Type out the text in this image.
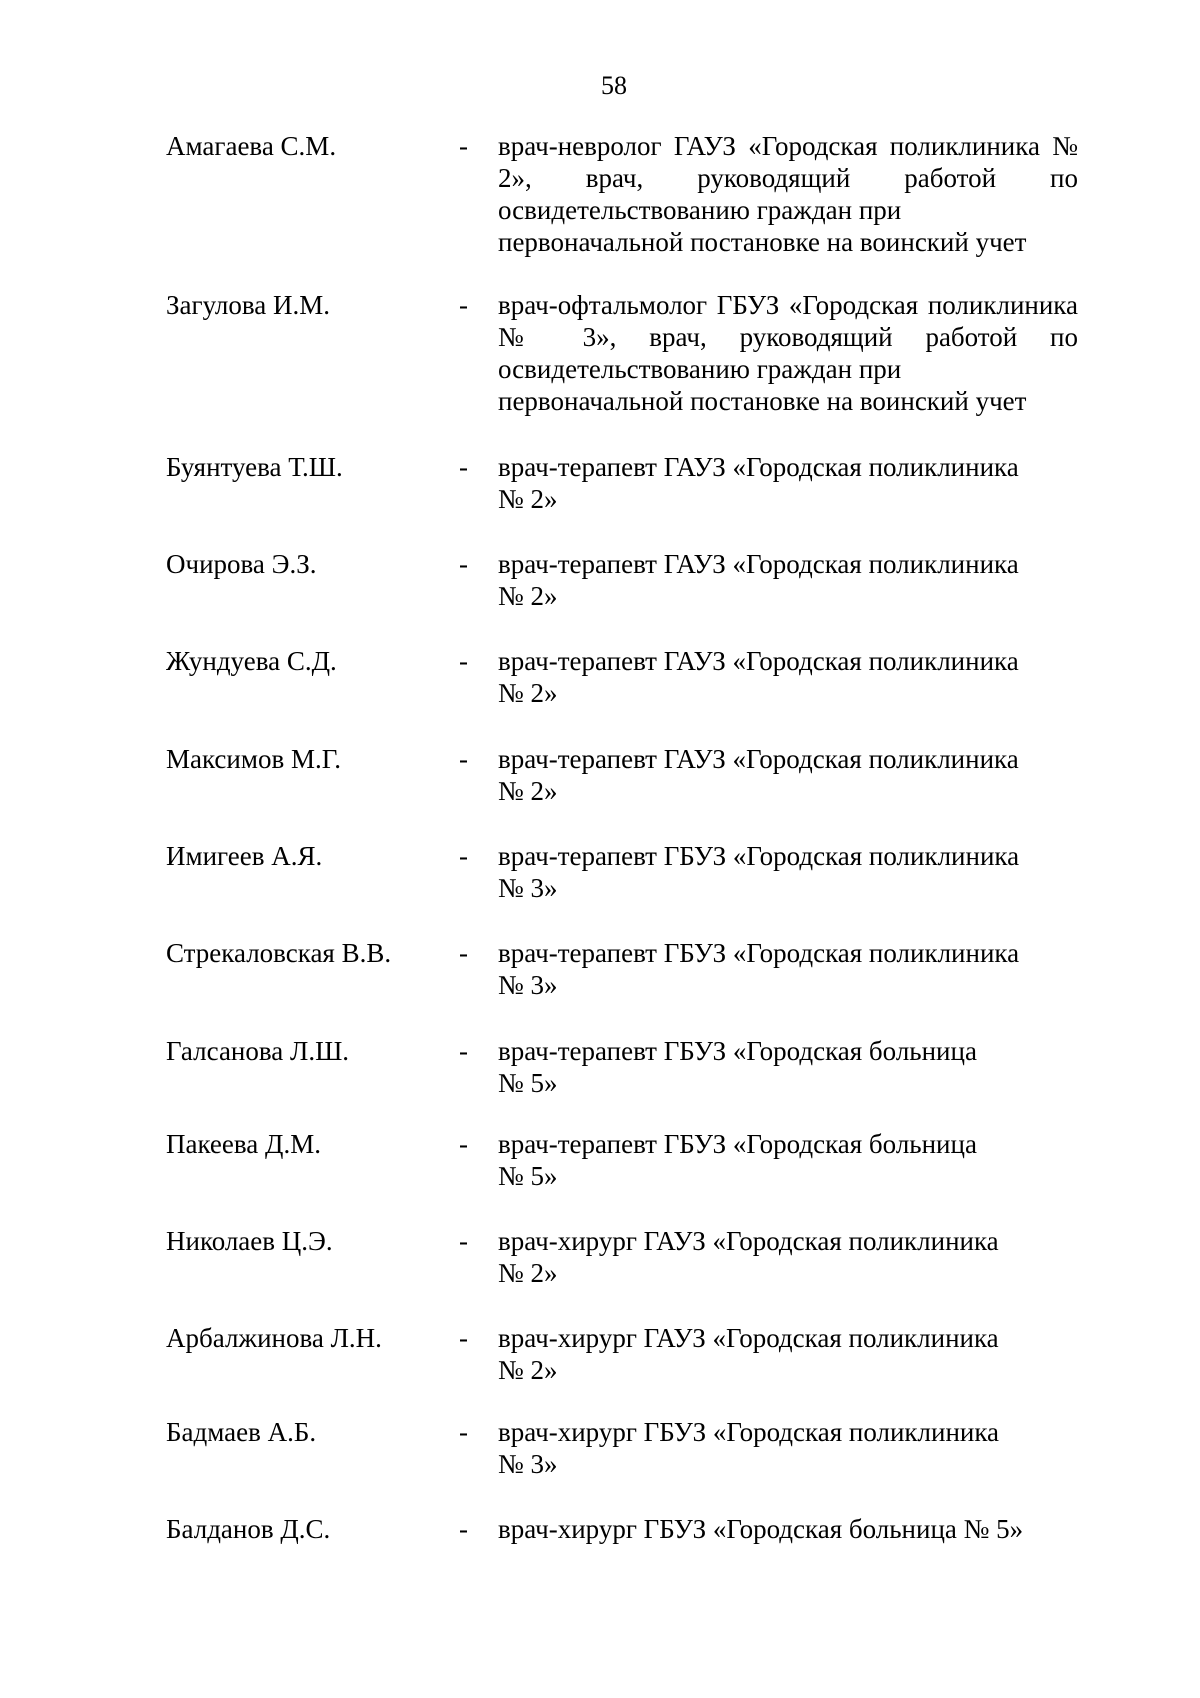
58
Амагаева С.М.	- врач-невролог ГАУЗ «Городская поликлиника № 2», врач, руководящий работой по освидетельствованию граждан при
первоначальной постановке на воинский учет
Загулова И.М.	- врач-офтальмолог ГБУЗ «Городская поликлиника № 3», врач, руководящий работой по освидетельствованию граждан при
первоначальной постановке на воинский учет
Буянтуева Т.Ш.	- врач-терапевт ГАУЗ «Городская поликлиника
№ 2»
Очирова Э.З.	- врач-терапевт ГАУЗ «Городская поликлиника
№ 2»
Жундуева С.Д.	- врач-терапевт ГАУЗ «Городская поликлиника
№ 2»
Максимов М.Г.	- врач-терапевт ГАУЗ «Городская поликлиника
№ 2»
Имигеев А.Я.	- врач-терапевт ГБУЗ «Городская поликлиника
№ 3»
Стрекаловская В.В.	- врач-терапевт ГБУЗ «Городская поликлиника
№ 3»
Галсанова Л.Ш.	- врач-терапевт ГБУЗ «Городская больница
№ 5»
Пакеева Д.М.	- врач-терапевт ГБУЗ «Городская больница
№ 5»
Николаев Ц.Э.	- врач-хирург ГАУЗ «Городская поликлиника
№ 2»
Арбалжинова Л.Н.	- врач-хирург ГАУЗ «Городская поликлиника
№ 2»
Бадмаев А.Б.	- врач-хирург ГБУЗ «Городская поликлиника
№ 3»
Балданов Д.С.	- врач-хирург ГБУЗ «Городская больница № 5»
